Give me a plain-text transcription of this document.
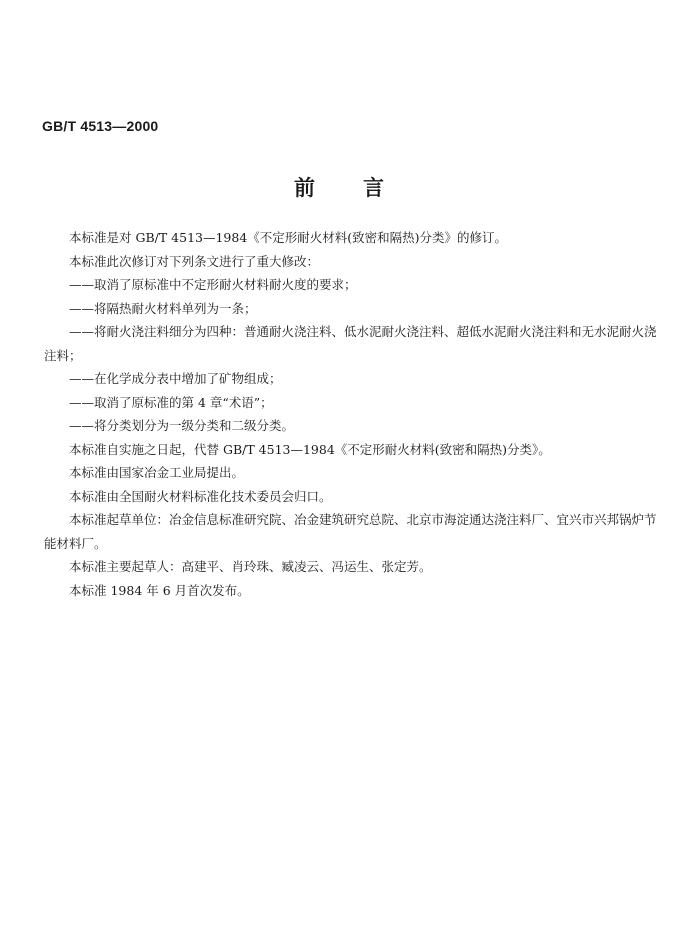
GB/T 4513—2000
前 言

本标准是对 GB/T 4513—1984《不定形耐火材料(致密和隔热)分类》的修订。

本标准此次修订对下列条文进行了重大修改：

——取消了原标准中不定形耐火材料耐火度的要求；

——将隔热耐火材料单列为一条；

——将耐火浇注料细分为四种：普通耐火浇注料、低水泥耐火浇注料、超低水泥耐火浇注料和无水泥耐火浇注料；

——在化学成分表中增加了矿物组成；

——取消了原标准的第 4 章“术语”；

——将分类划分为一级分类和二级分类。

本标准自实施之日起，代替 GB/T 4513—1984《不定形耐火材料(致密和隔热)分类》。

本标准由国家冶金工业局提出。

本标准由全国耐火材料标准化技术委员会归口。

本标准起草单位：冶金信息标准研究院、冶金建筑研究总院、北京市海淀通达浇注料厂、宜兴市兴邦锅炉节能材料厂。

本标准主要起草人：高建平、肖玲珠、臧凌云、冯运生、张定芳。

本标准 1984 年 6 月首次发布。
